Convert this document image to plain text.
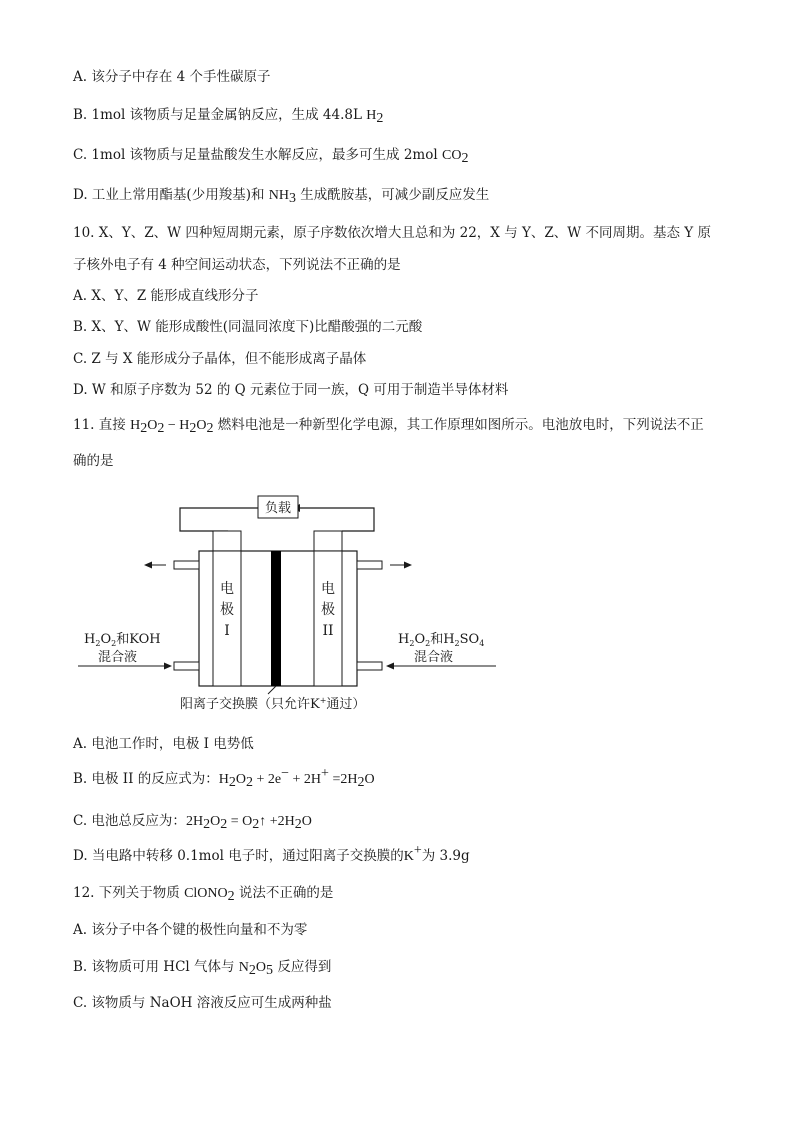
A. 该分子中存在 4 个手性碳原子
B. 1mol 该物质与足量金属钠反应，生成 44.8L $H_2$
C. 1mol 该物质与足量盐酸发生水解反应，最多可生成 2mol $CO_2$
D. 工业上常用酯基(少用羧基)和 $NH_3$ 生成酰胺基，可减少副反应发生
10. X、Y、Z、W 四种短周期元素，原子序数依次增大且总和为 22，X 与 Y、Z、W 不同周期。基态 Y 原
子核外电子有 4 种空间运动状态，下列说法不正确的是
A. X、Y、Z 能形成直线形分子
B. X、Y、W 能形成酸性(同温同浓度下)比醋酸强的二元酸
C. Z 与 X 能形成分子晶体，但不能形成离子晶体
D. W 和原子序数为 52 的 Q 元素位于同一族，Q 可用于制造半导体材料
11. 直接 $H_2O_2 - H_2O_2$ 燃料电池是一种新型化学电源，其工作原理如图所示。电池放电时，下列说法不正
确的是
负载
电
极
I
电
极
II
$H_2O_2$和KOH
混合液
$H_2O_2$和$H_2SO_4$
混合液
阳离子交换膜（只允许K+通过）
A. 电池工作时，电极 I 电势低
B. 电极 II 的反应式为：$H_2O_2 + 2e^- + 2H^+ =2H_2O$
C. 电池总反应为：$2H_2O_2$ = $O_2↑ +2H_2O$
D. 当电路中转移 0.1mol 电子时，通过阳离子交换膜的K+为 3.9g
12. 下列关于物质 ClONO$_2$ 说法不正确的是
A. 该分子中各个键的极性向量和不为零
B. 该物质可用 HCl 气体与 $N_2O_5$ 反应得到
C. 该物质与 NaOH 溶液反应可生成两种盐
